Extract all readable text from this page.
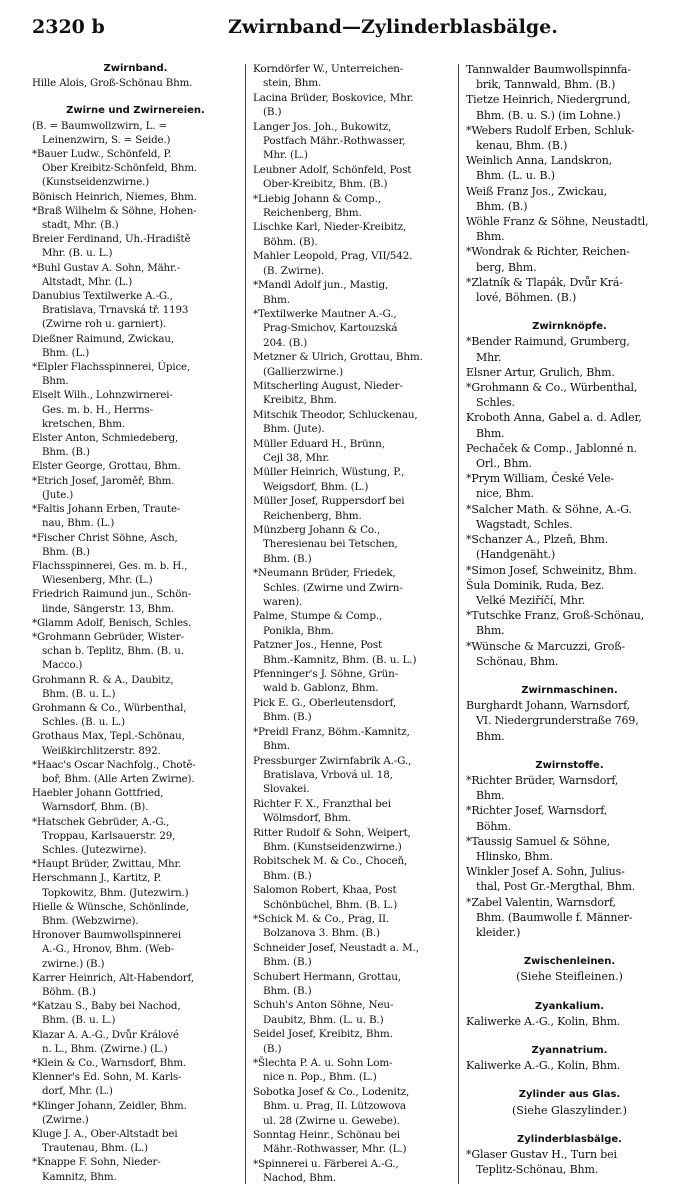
2320 b	Zwirnband—Zylinderblasbälge.
Zwirnband.
Hille Alois, Groß-Schönau Bhm.
Zwirne und Zwirnereien.
(B. = Baumwollzwirn, L. =
Leinenzwirn, S. = Seide.)
*Bauer Ludw., Schönfeld, P.
Ober Kreibitz-Schönfeld, Bhm.
(Kunstseidenzwirne.)
Bönisch Heinrich, Niemes, Bhm.
*Braß Wilhelm & Söhne, Hohen-
stadt, Mhr. (B.)
Breier Ferdinand, Uh.-Hradiště
Mhr. (B. u. L.)
*Buhl Gustav A. Sohn, Mähr.-
Altstadt, Mhr. (L.)
Danubius Textilwerke A.-G.,
Bratislava, Trnavská tř. 1193
(Zwirne roh u. garniert).
Dießner Raimund, Zwickau,
Bhm. (L.)
*Elpler Flachsspinnerei, Úpice,
Bhm.
Elselt Wilh., Lohnzwirnerei-
Ges. m. b. H., Herrns-
kretschen, Bhm.
Elster Anton, Schmiedeberg,
Bhm. (B.)
Elster George, Grottau, Bhm.
*Etrich Josef, Jaroměř, Bhm.
(Jute.)
*Faltis Johann Erben, Traute-
nau, Bhm. (L.)
*Fischer Christ Söhne, Asch,
Bhm. (B.)
Flachsspinnerei, Ges. m. b. H.,
Wiesenberg, Mhr. (L.)
Friedrich Raimund jun., Schön-
linde, Sängerstr. 13, Bhm.
*Glamm Adolf, Benisch, Schles.
*Grohmann Gebrüder, Wister-
schan b. Teplitz, Bhm. (B. u.
Macco.)
Grohmann R. & A., Daubitz,
Bhm. (B. u. L.)
Grohmann & Co., Würbenthal,
Schles. (B. u. L.)
Grothaus Max, Tepl.-Schönau,
Weißkirchlitzerstr. 892.
*Haac's Oscar Nachfolg., Chotě-
boř, Bhm. (Alle Arten Zwirne).
Haebler Johann Gottfried,
Warnsdorf, Bhm. (B).
*Hatschek Gebrüder, A.-G.,
Troppau, Karlsauerstr. 29,
Schles. (Jutezwirne).
*Haupt Brüder, Zwittau, Mhr.
Herschmann J., Kartitz, P.
Topkowitz, Bhm. (Jutezwirn.)
Hielle & Wünsche, Schönlinde,
Bhm. (Webzwirne).
Hronover Baumwollspinnerei
A.-G., Hronov, Bhm. (Web-
zwirne.) (B.)
Karrer Heinrich, Alt-Habendorf,
Böhm. (B.)
*Katzau S., Baby bei Nachod,
Bhm. (B. u. L.)
Klazar A. A.-G., Dvůr Králové
n. L., Bhm. (Zwirne.) (L.)
*Klein & Co., Warnsdorf, Bhm.
Klenner's Ed. Sohn, M. Karls-
dorf, Mhr. (L.)
*Klinger Johann, Zeidler, Bhm.
(Zwirne.)
Kluge J. A., Ober-Altstadt bei
Trautenau, Bhm. (L.)
*Knappe F. Sohn, Nieder-
Kamnitz, Bhm.
Korndörfer W., Unterreichen-
stein, Bhm.
Lacina Brüder, Boskovice, Mhr.
(B.)
Langer Jos. Joh., Bukowitz,
Postfach Mähr.-Rothwasser,
Mhr. (L.)
Leubner Adolf, Schönfeld, Post
Ober-Kreibitz, Bhm. (B.)
*Liebig Johann & Comp.,
Reichenberg, Bhm.
Lischke Karl, Nieder-Kreibitz,
Böhm. (B).
Mahler Leopold, Prag, VII/542.
(B. Zwirne).
*Mandl Adolf jun., Mastig,
Bhm.
*Textilwerke Mautner A.-G.,
Prag-Smichov, Kartouzská
204. (B.)
Metzner & Ulrich, Grottau, Bhm.
(Gallierzwirne.)
Mitscherling August, Nieder-
Kreibitz, Bhm.
Mitschik Theodor, Schluckenau,
Bhm. (Jute).
Müller Eduard H., Brünn,
Cejl 38, Mhr.
Müller Heinrich, Wüstung, P.,
Weigsdorf, Bhm. (L.)
Müller Josef, Ruppersdorf bei
Reichenberg, Bhm.
Münzberg Johann & Co.,
Theresienau bei Tetschen,
Bhm. (B.)
*Neumann Brüder, Friedek,
Schles. (Zwirne und Zwirn-
waren).
Palme, Stumpe & Comp.,
Ponikla, Bhm.
Patzner Jos., Henne, Post
Bhm.-Kamnitz, Bhm. (B. u. L.)
Pfenninger's J. Söhne, Grün-
wald b. Gablonz, Bhm.
Pick E. G., Oberleutensdorf,
Bhm. (B.)
*Preidl Franz, Böhm.-Kamnitz,
Bhm.
Pressburger Zwirnfabrik A.-G.,
Bratislava, Vrbová ul. 18,
Slovakei.
Richter F. X., Franzthal bei
Wölmsdorf, Bhm.
Ritter Rudolf & Sohn, Weipert,
Bhm. (Kunstseidenzwirne.)
Robitschek M. & Co., Choceň,
Bhm. (B.)
Salomon Robert, Khaa, Post
Schönbüchel, Bhm. (B. L.)
*Schick M. & Co., Prag, II.
Bolzanova 3. Bhm. (B.)
Schneider Josef, Neustadt a. M.,
Bhm. (B.)
Schubert Hermann, Grottau,
Bhm. (B.)
Schuh's Anton Söhne, Neu-
Daubitz, Bhm. (L. u. B.)
Seidel Josef, Kreibitz, Bhm.
(B.)
*Šlechta P. A. u. Sohn Lom-
nice n. Pop., Bhm. (L.)
Sobotka Josef & Co., Lodenitz,
Bhm. u. Prag, II. Lützowova
ul. 28 (Zwirne u. Gewebe).
Sonntag Heinr., Schönau bei
Mähr.-Rothwasser, Mhr. (L.)
*Spinnerei u. Färberei A.-G.,
Nachod, Bhm.
Tannwalder Baumwollspinnfa-
brik, Tannwald, Bhm. (B.)
Tietze Heinrich, Niedergrund,
Bhm. (B. u. S.) (im Lohne.)
*Webers Rudolf Erben, Schluk-
kenau, Bhm. (B.)
Weinlich Anna, Landskron,
Bhm. (L. u. B.)
Weiß Franz Jos., Zwickau,
Bhm. (B.)
Wöhle Franz & Söhne, Neustadtl,
Bhm.
*Wondrak & Richter, Reichen-
berg, Bhm.
*Zlatník & Tlapák, Dvůr Krá-
lové, Böhmen. (B.)
Zwirnknöpfe.
*Bender Raimund, Grumberg,
Mhr.
Elsner Artur, Grulich, Bhm.
*Grohmann & Co., Würbenthal,
Schles.
Kroboth Anna, Gabel a. d. Adler,
Bhm.
Pechaček & Comp., Jablonné n.
Orl., Bhm.
*Prym William, České Vele-
nice, Bhm.
*Salcher Math. & Söhne, A.-G.
Wagstadt, Schles.
*Schanzer A., Plzeň, Bhm.
(Handgenäht.)
*Simon Josef, Schweinitz, Bhm.
Šula Dominik, Ruda, Bez.
Velké Meziříčí, Mhr.
*Tutschke Franz, Groß-Schönau,
Bhm.
*Wünsche & Marcuzzi, Groß-
Schönau, Bhm.
Zwirnmaschinen.
Burghardt Johann, Warnsdorf,
VI. Niedergrunderstraße 769,
Bhm.
Zwirnstoffe.
*Richter Brüder, Warnsdorf,
Bhm.
*Richter Josef, Warnsdorf,
Böhm.
*Taussig Samuel & Söhne,
Hlinsko, Bhm.
Winkler Josef A. Sohn, Julius-
thal, Post Gr.-Mergthal, Bhm.
*Zabel Valentin, Warnsdorf,
Bhm. (Baumwolle f. Männer-
kleider.)
Zwischenleinen.
(Siehe Steifleinen.)
Zyankalium.
Kaliwerke A.-G., Kolin, Bhm.
Zyannatrium.
Kaliwerke A.-G., Kolin, Bhm.
Zylinder aus Glas.
(Siehe Glaszylinder.)
Zylinderblasbälge.
*Glaser Gustav H., Turn bei
Teplitz-Schönau, Bhm.
